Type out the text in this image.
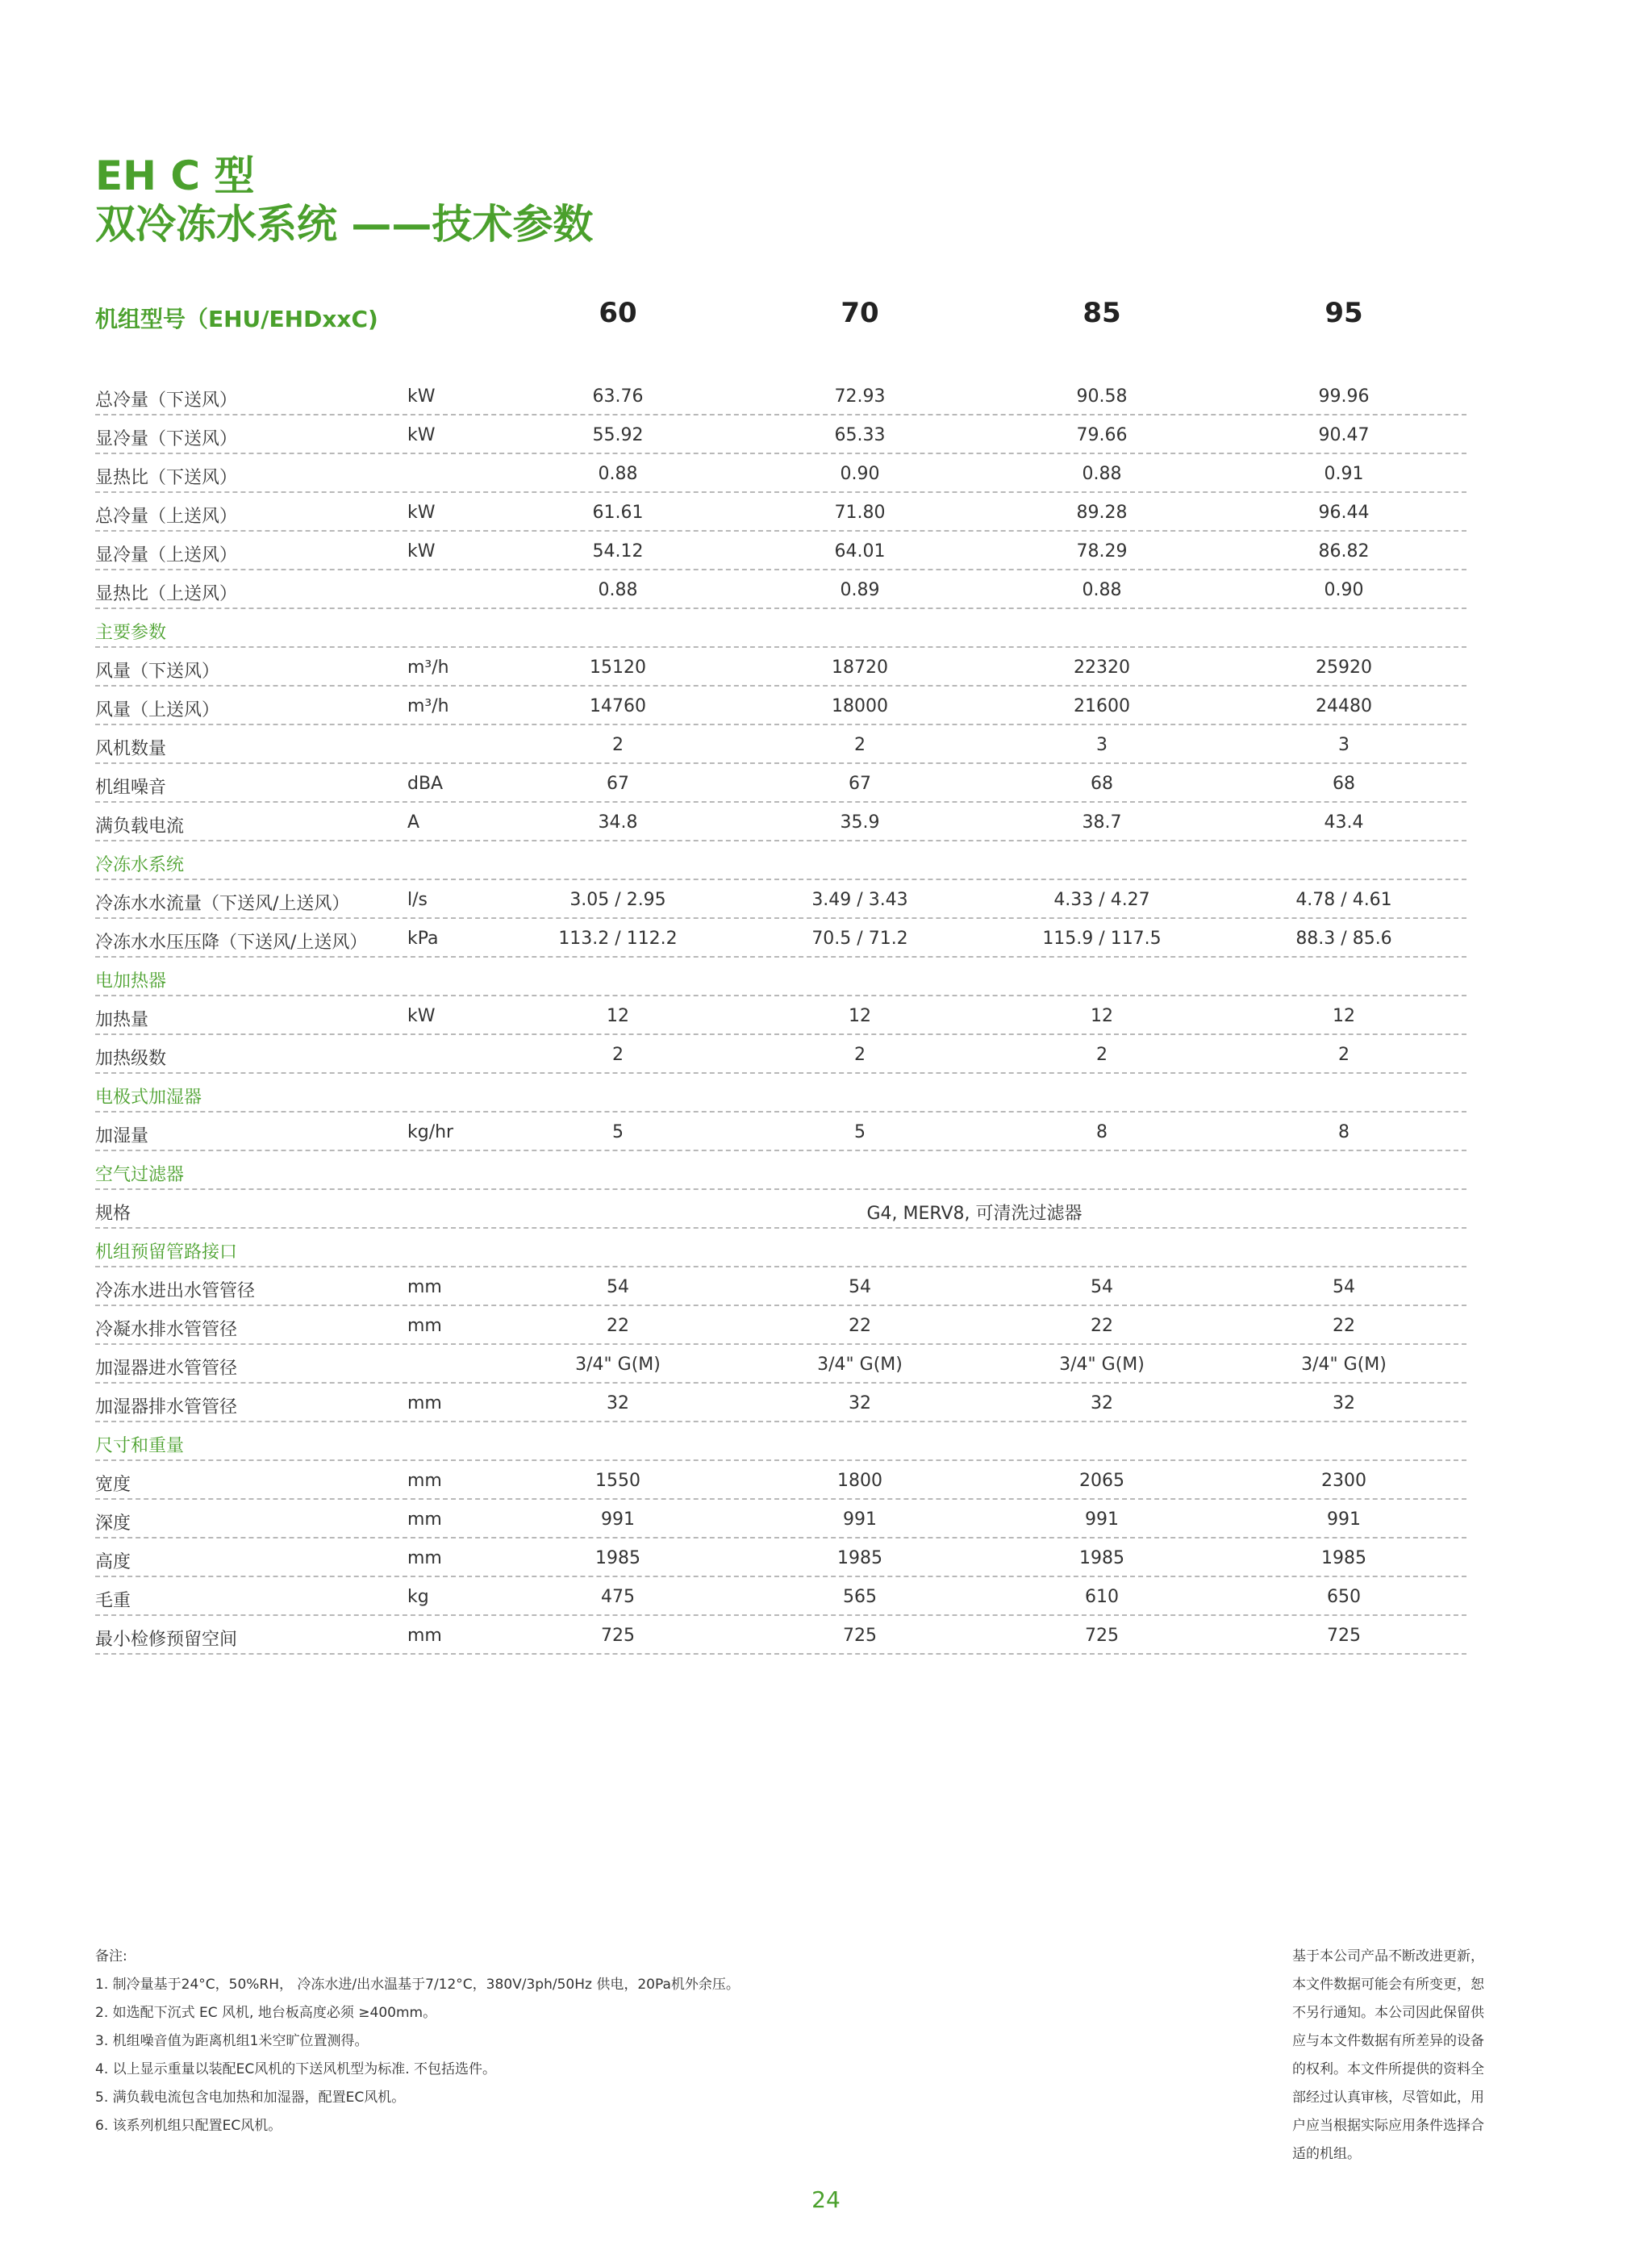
EH C 型
双冷冻水系统 ——技术参数
机组型号（EHU/EHDxxC)	60	70	85	95
总冷量（下送风）	kW	63.76	72.93	90.58	99.96
显冷量（下送风）	kW	55.92	65.33	79.66	90.47
显热比（下送风）	0.88	0.90	0.88	0.91
总冷量（上送风）	kW	61.61	71.80	89.28	96.44
显冷量（上送风）	kW	54.12	64.01	78.29	86.82
显热比（上送风）	0.88	0.89	0.88	0.90
主要参数
风量（下送风）	m³/h	15120	18720	22320	25920
风量（上送风）	m³/h	14760	18000	21600	24480
风机数量	2	2	3	3
机组噪音	dBA	67	67	68	68
满负载电流	A	34.8	35.9	38.7	43.4
冷冻水系统
冷冻水水流量（下送风/上送风）	l/s	3.05 / 2.95	3.49 / 3.43	4.33 / 4.27	4.78 / 4.61
冷冻水水压压降（下送风/上送风） kPa	113.2 / 112.2	70.5 / 71.2	115.9 / 117.5	88.3 / 85.6
电加热器
加热量	kW	12	12	12	12
加热级数	2	2	2	2
电极式加湿器
加湿量	kg/hr	5	5	8	8
空气过滤器
规格	G4, MERV8, 可清洗过滤器
机组预留管路接口
冷冻水进出水管管径	mm	54	54	54	54
冷凝水排水管管径	mm	22	22	22	22
加湿器进水管管径	3/4" G(M)	3/4" G(M)	3/4" G(M)	3/4" G(M)
加湿器排水管管径	mm	32	32	32	32
尺寸和重量
宽度	mm	1550	1800	2065	2300
深度	mm	991	991	991	991
高度	mm	1985	1985	1985	1985
毛重	kg	475	565	610	650
最小检修预留空间	mm	725	725	725	725
备注:
1. 制冷量基于24°C，50%RH， 冷冻水进/出水温基于7/12°C，380V/3ph/50Hz 供电，20Pa机外余压。
2. 如选配下沉式 EC 风机, 地台板高度必须 ≥400mm。
3. 机组噪音值为距离机组1米空旷位置测得。
4. 以上显示重量以装配EC风机的下送风机型为标准. 不包括选件。
5. 满负载电流包含电加热和加湿器，配置EC风机。
6. 该系列机组只配置EC风机。
基于本公司产品不断改进更新，
本文件数据可能会有所变更，恕
不另行通知。本公司因此保留供
应与本文件数据有所差异的设备
的权利。本文件所提供的资料全
部经过认真审核，尽管如此，用
户应当根据实际应用条件选择合
适的机组。
24
